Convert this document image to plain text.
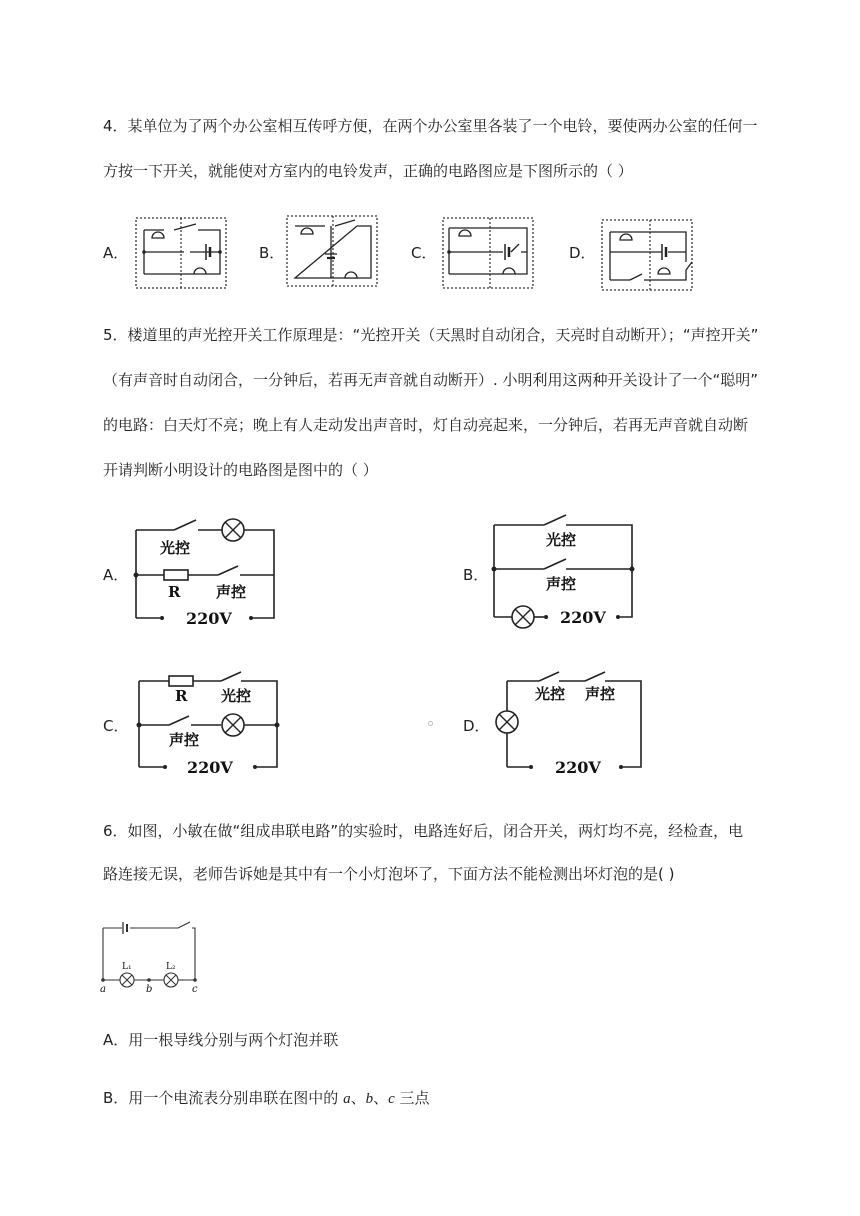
4．某单位为了两个办公室相互传呼方便，在两个办公室里各装了一个电铃，要使两办公室的任何一
方按一下开关，就能使对方室内的电铃发声，正确的电路图应是下图所示的（ ）
A．	B．	C．	D．
5．楼道里的声光控开关工作原理是：“光控开关（天黑时自动闭合，天亮时自动断开）；“声控开关”
（有声音时自动闭合，一分钟后，若再无声音就自动断开）. 小明利用这两种开关设计了一个“聪明”
的电路：白天灯不亮；晚上有人走动发出声音时，灯自动亮起来，一分钟后，若再无声音就自动断
开请判断小明设计的电路图是图中的（ ）
A．
光控
R 声控
220V
B．
光控
声控
220V
C．
R 光控
声控
220V
D．
光控 声控
220V
6．如图，小敏在做“组成串联电路”的实验时，电路连好后，闭合开关，两灯均不亮，经检查，电
路连接无误，老师告诉她是其中有一个小灯泡坏了，下面方法不能检测出坏灯泡的是( )
L₁	L₂
a	b	c
A．用一根导线分别与两个灯泡并联
B．用一个电流表分别串联在图中的 a、b、c 三点
